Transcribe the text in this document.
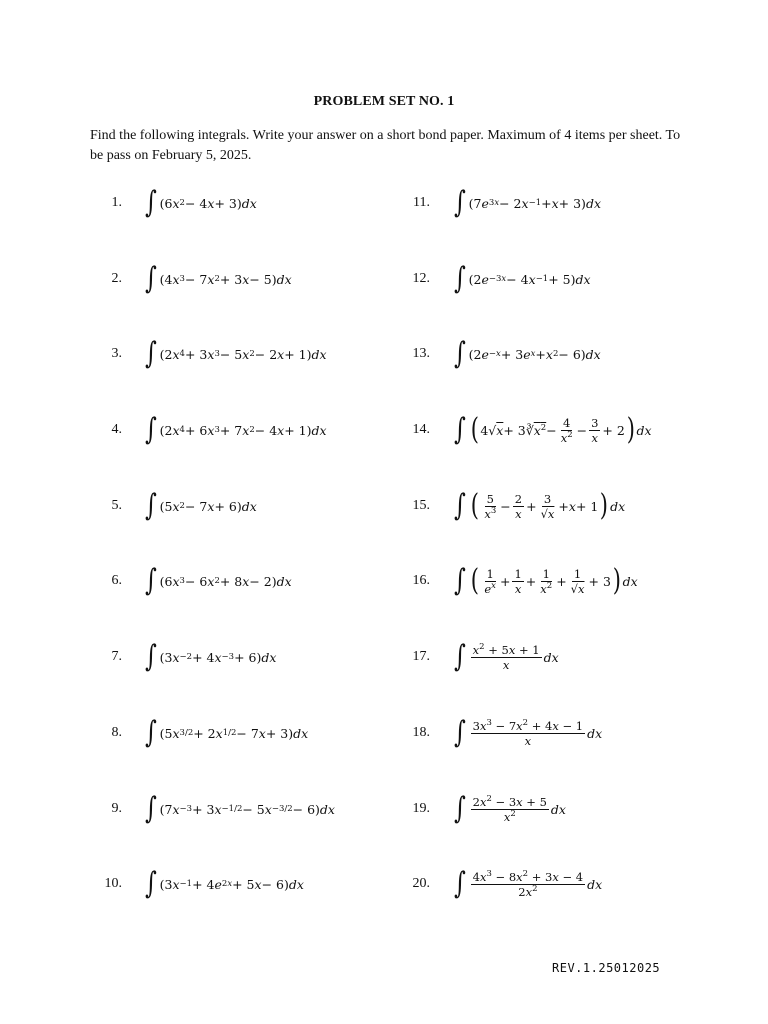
PROBLEM SET NO. 1
Find the following integrals. Write your answer on a short bond paper. Maximum of 4 items per sheet. To be pass on February 5, 2025.
1. ∫ (6 x 2 − 4 x + 3) dx
2. ∫ (4 x 3 − 7 x 2 + 3 x − 5) dx
3. ∫ (2 x 4 + 3 x 3 − 5 x 2 − 2 x + 1) dx
4. ∫ (2 x 4 + 6 x 3 + 7 x 2 − 4 x + 1) dx
5. ∫ (5 x 2 − 7 x + 6) dx
6. ∫ (6 x 3 − 6 x 2 + 8 x − 2) dx
7. ∫ (3 x −2 + 4 x −3 + 6) dx
8. ∫ (5 x 3/2 + 2 x 1/2 − 7 x + 3) dx
9. ∫ (7 x −3 + 3 x −1/2 − 5 x −3/2 − 6) dx
10. ∫ (3 x −1 + 4 e 2x + 5 x − 6) dx
11. ∫ (7 e 3x − 2 x −1 + x + 3) dx
12. ∫ (2 e −3x − 4 x −1 + 5) dx
13. ∫ (2 e −x + 3 e x + x 2 − 6) dx
14. ∫ ( 4√ x + 3∛ $x^2 - \frac{4}{x^2} - \frac{3}{x} + 2$ ) dx
15. ∫ ( $\frac{5}{x^3} - \frac{2}{x} + \frac{3}{√x} + x + 1$ ) dx
16. ∫ ( $\frac{1}{e^x} + \frac{1}{x} + \frac{1}{x^2} + \frac{1}{√x} + 3$ ) dx
17. ∫ $\frac{x^2 + 5x + 1}{x}$ dx
18. ∫ $\frac{3x^3 - 7x^2 + 4x - 1}{x}$ dx
19. ∫ $\frac{2x^2 - 3x + 5}{x^2}$ dx
20. ∫ $\frac{4x^3 - 8x^2 + 3x - 4}{2x^2}$ dx
REV.1.25012025
